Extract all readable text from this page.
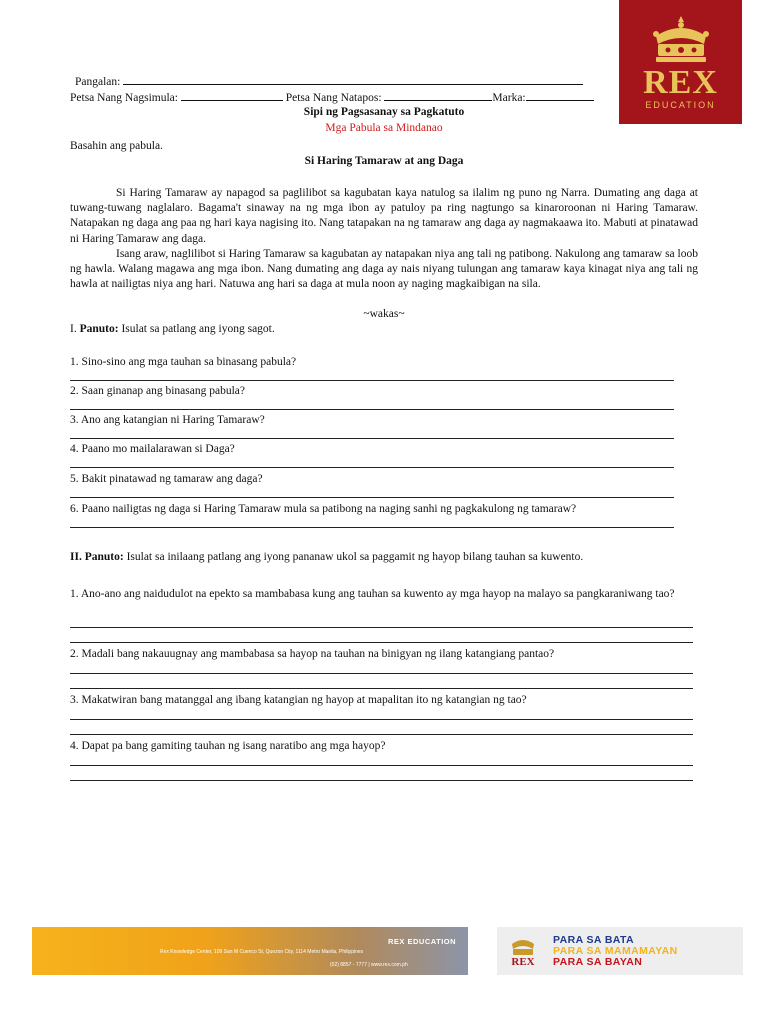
REX
EDUCATION
Pangalan:
Petsa Nang Nagsimula:	Petsa Nang Natapos:	Marka:
Sipi ng Pagsasanay sa Pagkatuto
Mga Pabula sa Mindanao
Basahin ang pabula.
Si Haring Tamaraw at ang Daga

Si Haring Tamaraw ay napagod sa paglilibot sa kagubatan kaya natulog sa ilalim ng puno ng Narra. Dumating ang daga at tuwang-tuwang naglalaro. Bagama't sinaway na ng mga ibon ay patuloy pa ring nagtungo sa kinaroroonan ni Haring Tamaraw. Natapakan ng daga ang paa ng hari kaya nagising ito. Nang tatapakan na ng tamaraw ang daga ay nagmakaawa ito. Mabuti at pinatawad ni Haring Tamaraw ang daga.

Isang araw, naglilibot si Haring Tamaraw sa kagubatan ay natapakan niya ang tali ng patibong. Nakulong ang tamaraw sa loob ng hawla. Walang magawa ang mga ibon. Nang dumating ang daga ay nais niyang tulungan ang tamaraw kaya kinagat niya ang tali ng hawla at nailigtas niya ang hari. Natuwa ang hari sa daga at mula noon ay naging magkaibigan na sila.

~wakas~
I. Panuto: Isulat sa patlang ang iyong sagot.
1. Sino-sino ang mga tauhan sa binasang pabula?
2. Saan ginanap ang binasang pabula?
3. Ano ang katangian ni Haring Tamaraw?
4. Paano mo mailalarawan si Daga?
5. Bakit pinatawad ng tamaraw ang daga?
6. Paano nailigtas ng daga si Haring Tamaraw mula sa patibong na naging sanhi ng pagkakulong ng tamaraw?
II. Panuto: Isulat sa inilaang patlang ang iyong pananaw ukol sa paggamit ng hayop bilang tauhan sa kuwento.
1. Ano-ano ang naidudulot na epekto sa mambabasa kung ang tauhan sa kuwento ay mga hayop na malayo sa pangkaraniwang tao?
2. Madali bang nakauugnay ang mambabasa sa hayop na tauhan na binigyan ng ilang katangiang pantao?
3. Makatwiran bang matanggal ang ibang katangian ng hayop at mapalitan ito ng katangian ng tao?
4. Dapat pa bang gamiting tauhan ng isang naratibo ang mga hayop?
REX EDUCATION
Rex Knowledge Center, 109 San M Cuenco St, Quezon City, 1114 Metro Manila, Philippines
(02) 8857 - 7777 | www.rex.com.ph	REX
PARA SA BATA
PARA SA MAMAMAYAN
PARA SA BAYAN
